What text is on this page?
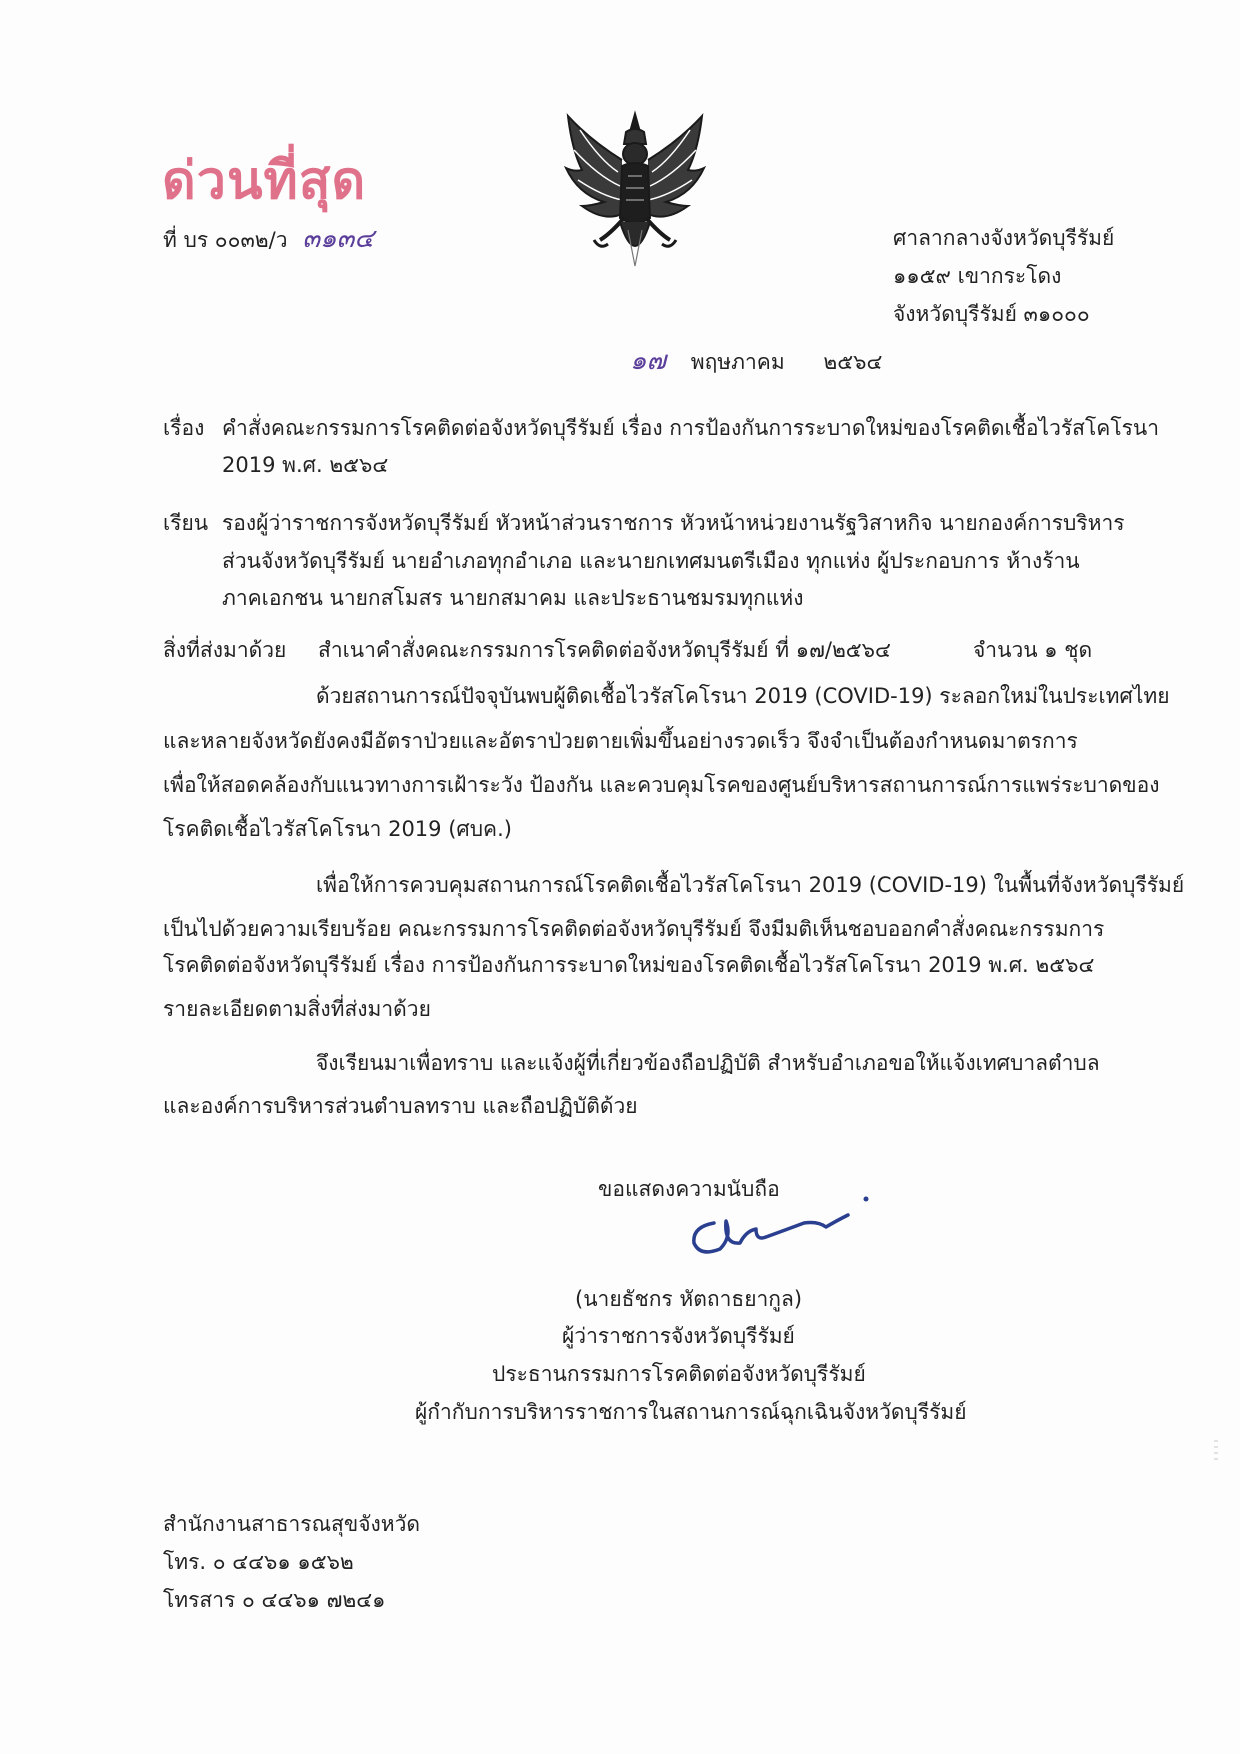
ด่วนที่สุด
ที่ บร ๐๐๓๒/ว ๓๑๓๔	ศาลากลางจังหวัดบุรีรัมย์
๑๑๕๙ เขากระโดง
จังหวัดบุรีรัมย์ ๓๑๐๐๐
๑๗ พฤษภาคม ๒๕๖๔
เรื่อง คำสั่งคณะกรรมการโรคติดต่อจังหวัดบุรีรัมย์ เรื่อง การป้องกันการระบาดใหม่ของโรคติดเชื้อไวรัสโคโรนา
2019 พ.ศ. ๒๕๖๔
เรียน รองผู้ว่าราชการจังหวัดบุรีรัมย์ หัวหน้าส่วนราชการ หัวหน้าหน่วยงานรัฐวิสาหกิจ นายกองค์การบริหาร
ส่วนจังหวัดบุรีรัมย์ นายอำเภอทุกอำเภอ และนายกเทศมนตรีเมือง ทุกแห่ง ผู้ประกอบการ ห้างร้าน
ภาคเอกชน นายกสโมสร นายกสมาคม และประธานชมรมทุกแห่ง
สิ่งที่ส่งมาด้วย สำเนาคำสั่งคณะกรรมการโรคติดต่อจังหวัดบุรีรัมย์ ที่ ๑๗/๒๕๖๔	จำนวน ๑ ชุด
ด้วยสถานการณ์ปัจจุบันพบผู้ติดเชื้อไวรัสโคโรนา 2019 (COVID-19) ระลอกใหม่ในประเทศไทย
และหลายจังหวัดยังคงมีอัตราป่วยและอัตราป่วยตายเพิ่มขึ้นอย่างรวดเร็ว จึงจำเป็นต้องกำหนดมาตรการ
เพื่อให้สอดคล้องกับแนวทางการเฝ้าระวัง ป้องกัน และควบคุมโรคของศูนย์บริหารสถานการณ์การแพร่ระบาดของ
โรคติดเชื้อไวรัสโคโรนา 2019 (ศบค.)
เพื่อให้การควบคุมสถานการณ์โรคติดเชื้อไวรัสโคโรนา 2019 (COVID-19) ในพื้นที่จังหวัดบุรีรัมย์
เป็นไปด้วยความเรียบร้อย คณะกรรมการโรคติดต่อจังหวัดบุรีรัมย์ จึงมีมติเห็นชอบออกคำสั่งคณะกรรมการ
โรคติดต่อจังหวัดบุรีรัมย์ เรื่อง การป้องกันการระบาดใหม่ของโรคติดเชื้อไวรัสโคโรนา 2019 พ.ศ. ๒๕๖๔
รายละเอียดตามสิ่งที่ส่งมาด้วย
จึงเรียนมาเพื่อทราบ และแจ้งผู้ที่เกี่ยวข้องถือปฏิบัติ สำหรับอำเภอขอให้แจ้งเทศบาลตำบล
และองค์การบริหารส่วนตำบลทราบ และถือปฏิบัติด้วย
ขอแสดงความนับถือ
(นายธัชกร หัตถาธยากูล)
ผู้ว่าราชการจังหวัดบุรีรัมย์
ประธานกรรมการโรคติดต่อจังหวัดบุรีรัมย์
ผู้กำกับการบริหารราชการในสถานการณ์ฉุกเฉินจังหวัดบุรีรัมย์
สำนักงานสาธารณสุขจังหวัด
โทร. ๐ ๔๔๖๑ ๑๕๖๒
โทรสาร ๐ ๔๔๖๑ ๗๒๔๑
